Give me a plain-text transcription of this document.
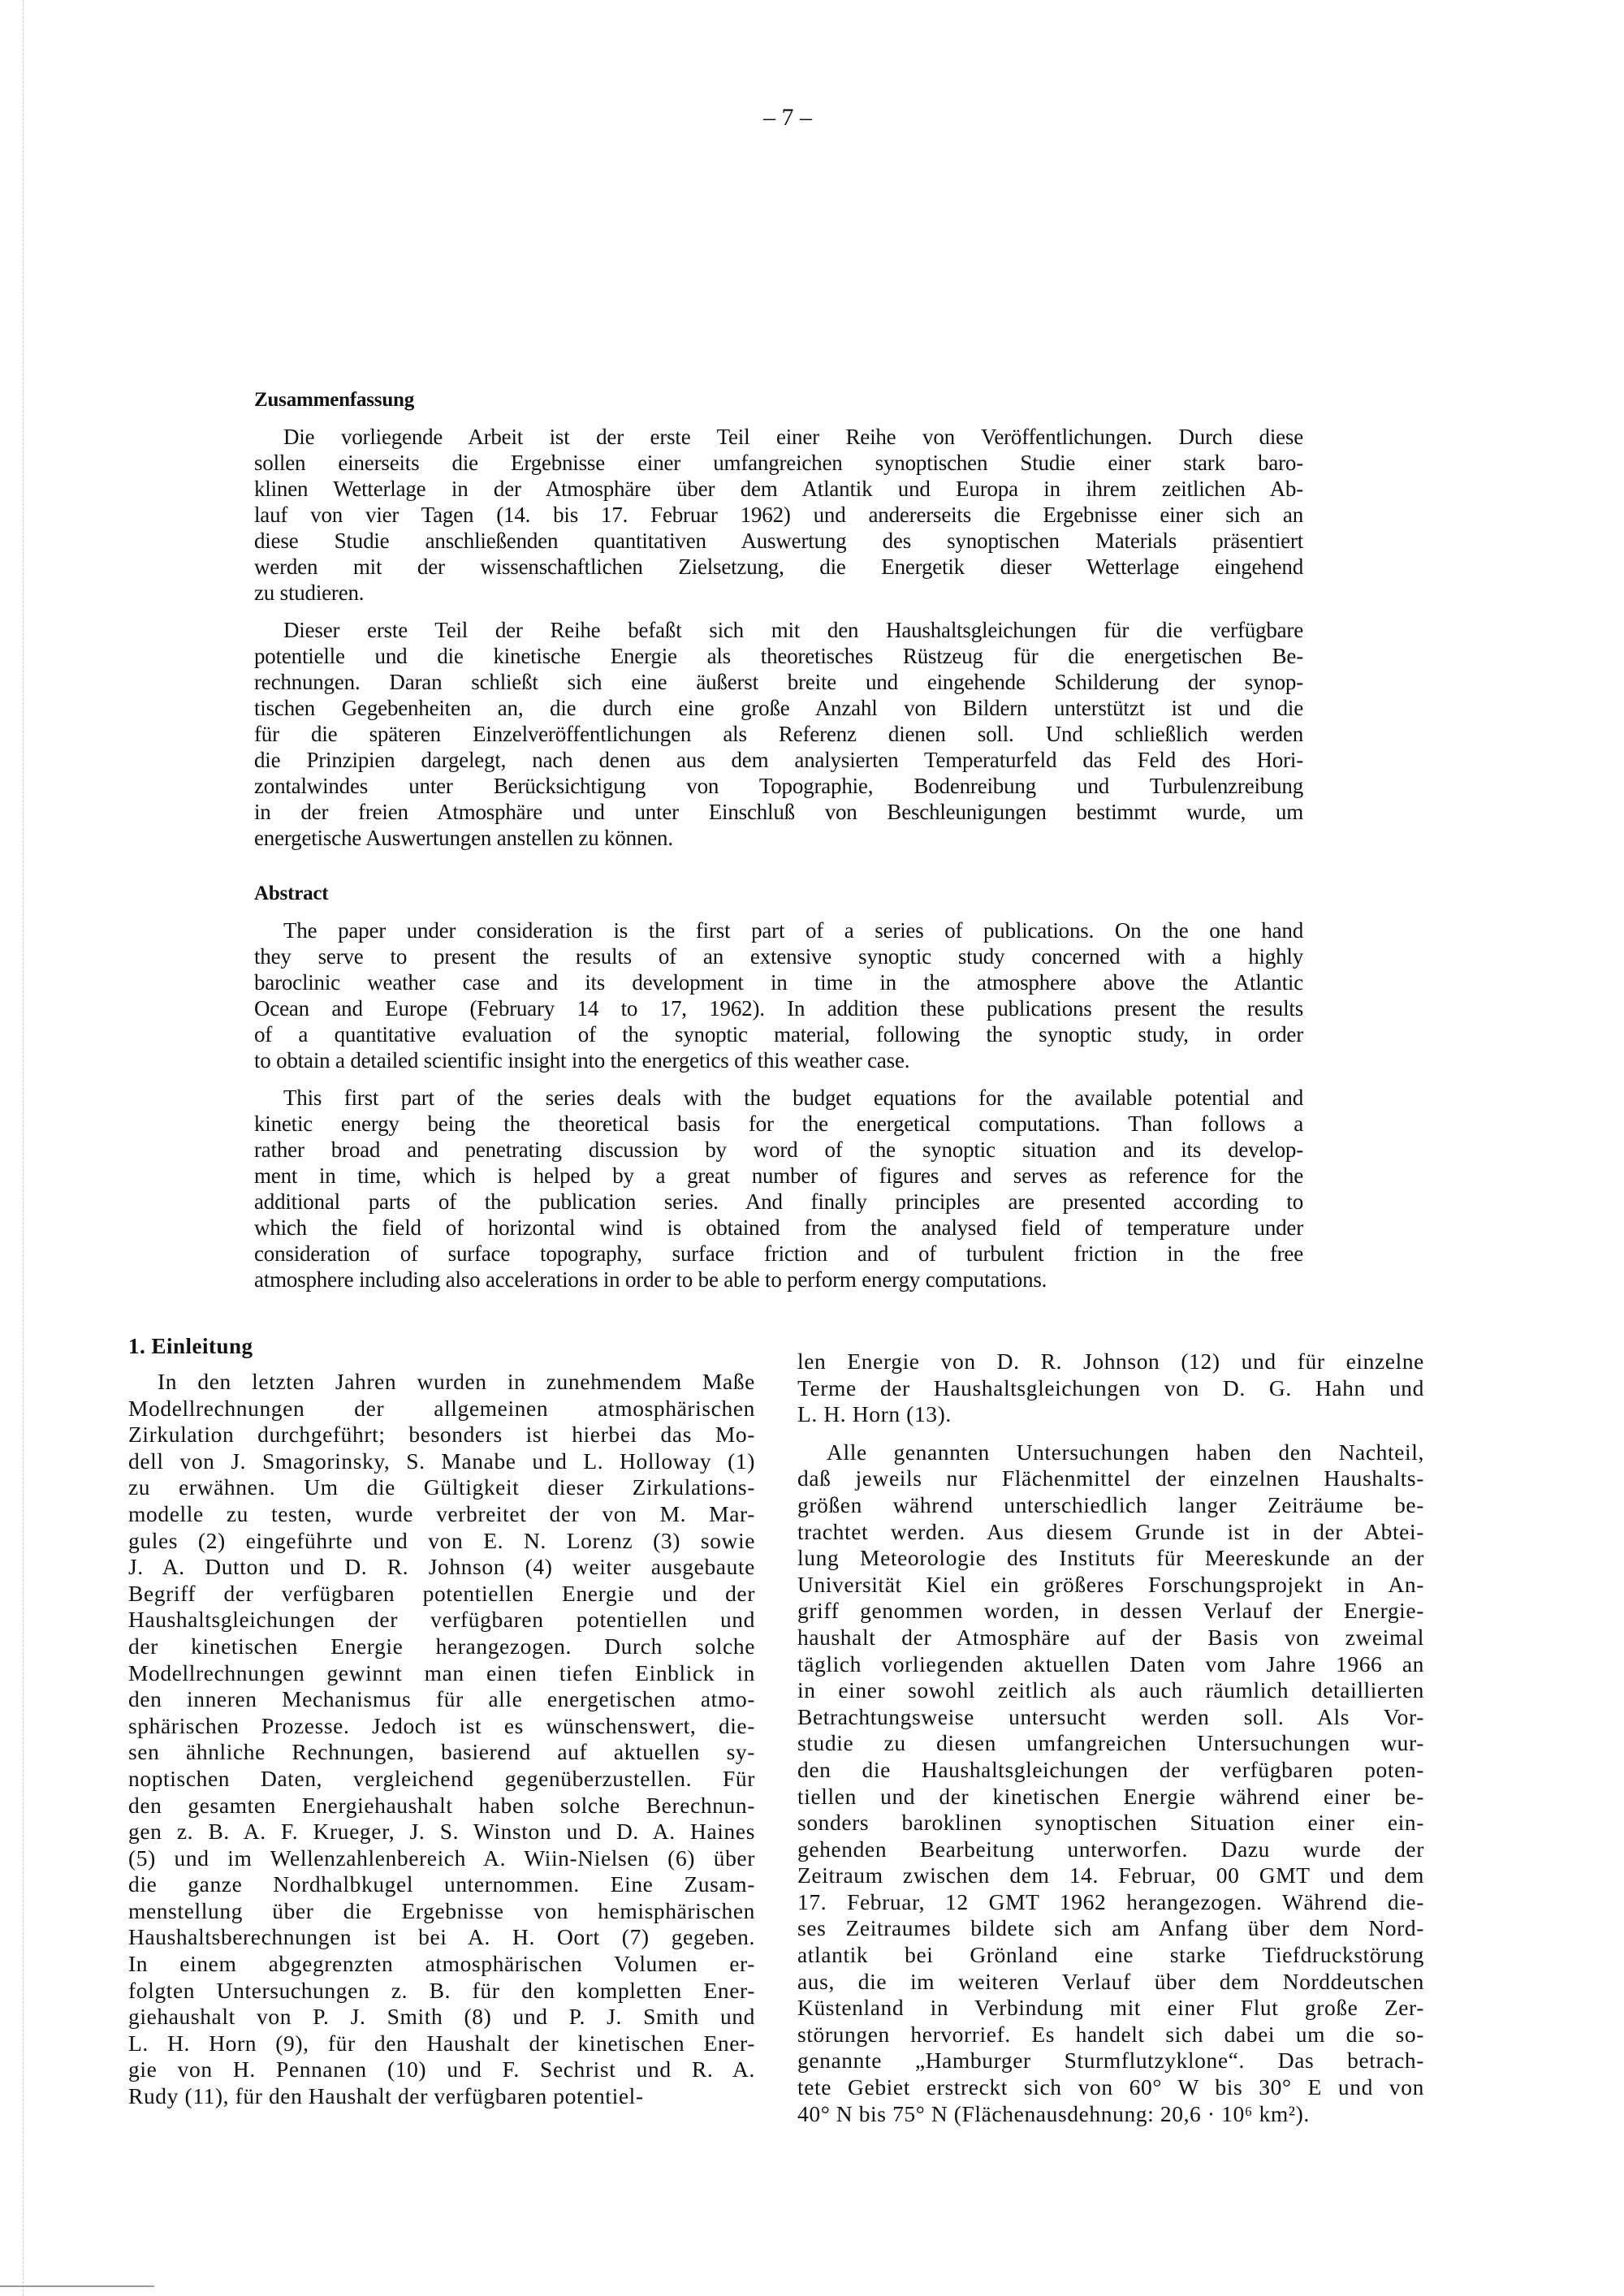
– 7 –
Zusammenfassung
Die vorliegende Arbeit ist der erste Teil einer Reihe von Veröffentlichungen. Durch diese
sollen einerseits die Ergebnisse einer umfangreichen synoptischen Studie einer stark baro-
klinen Wetterlage in der Atmosphäre über dem Atlantik und Europa in ihrem zeitlichen Ab-
lauf von vier Tagen (14. bis 17. Februar 1962) und andererseits die Ergebnisse einer sich an
diese Studie anschließenden quantitativen Auswertung des synoptischen Materials präsentiert
werden mit der wissenschaftlichen Zielsetzung, die Energetik dieser Wetterlage eingehend
zu studieren.
Dieser erste Teil der Reihe befaßt sich mit den Haushaltsgleichungen für die verfügbare
potentielle und die kinetische Energie als theoretisches Rüstzeug für die energetischen Be-
rechnungen. Daran schließt sich eine äußerst breite und eingehende Schilderung der synop-
tischen Gegebenheiten an, die durch eine große Anzahl von Bildern unterstützt ist und die
für die späteren Einzelveröffentlichungen als Referenz dienen soll. Und schließlich werden
die Prinzipien dargelegt, nach denen aus dem analysierten Temperaturfeld das Feld des Hori-
zontalwindes unter Berücksichtigung von Topographie, Bodenreibung und Turbulenzreibung
in der freien Atmosphäre und unter Einschluß von Beschleunigungen bestimmt wurde, um
energetische Auswertungen anstellen zu können.
Abstract
The paper under consideration is the first part of a series of publications. On the one hand
they serve to present the results of an extensive synoptic study concerned with a highly
baroclinic weather case and its development in time in the atmosphere above the Atlantic
Ocean and Europe (February 14 to 17, 1962). In addition these publications present the results
of a quantitative evaluation of the synoptic material, following the synoptic study, in order
to obtain a detailed scientific insight into the energetics of this weather case.
This first part of the series deals with the budget equations for the available potential and
kinetic energy being the theoretical basis for the energetical computations. Than follows a
rather broad and penetrating discussion by word of the synoptic situation and its develop-
ment in time, which is helped by a great number of figures and serves as reference for the
additional parts of the publication series. And finally principles are presented according to
which the field of horizontal wind is obtained from the analysed field of temperature under
consideration of surface topography, surface friction and of turbulent friction in the free
atmosphere including also accelerations in order to be able to perform energy computations.
1. Einleitung
In den letzten Jahren wurden in zunehmendem Maße
Modellrechnungen der allgemeinen atmosphärischen
Zirkulation durchgeführt; besonders ist hierbei das Mo-
dell von J. Smagorinsky, S. Manabe und L. Holloway (1)
zu erwähnen. Um die Gültigkeit dieser Zirkulations-
modelle zu testen, wurde verbreitet der von M. Mar-
gules (2) eingeführte und von E. N. Lorenz (3) sowie
J. A. Dutton und D. R. Johnson (4) weiter ausgebaute
Begriff der verfügbaren potentiellen Energie und der
Haushaltsgleichungen der verfügbaren potentiellen und
der kinetischen Energie herangezogen. Durch solche
Modellrechnungen gewinnt man einen tiefen Einblick in
den inneren Mechanismus für alle energetischen atmo-
sphärischen Prozesse. Jedoch ist es wünschenswert, die-
sen ähnliche Rechnungen, basierend auf aktuellen sy-
noptischen Daten, vergleichend gegenüberzustellen. Für
den gesamten Energiehaushalt haben solche Berechnun-
gen z. B. A. F. Krueger, J. S. Winston und D. A. Haines
(5) und im Wellenzahlenbereich A. Wiin-Nielsen (6) über
die ganze Nordhalbkugel unternommen. Eine Zusam-
menstellung über die Ergebnisse von hemisphärischen
Haushaltsberechnungen ist bei A. H. Oort (7) gegeben.
In einem abgegrenzten atmosphärischen Volumen er-
folgten Untersuchungen z. B. für den kompletten Ener-
giehaushalt von P. J. Smith (8) und P. J. Smith und
L. H. Horn (9), für den Haushalt der kinetischen Ener-
gie von H. Pennanen (10) und F. Sechrist und R. A.
Rudy (11), für den Haushalt der verfügbaren potentiel-
len Energie von D. R. Johnson (12) und für einzelne
Terme der Haushaltsgleichungen von D. G. Hahn und
L. H. Horn (13).
Alle genannten Untersuchungen haben den Nachteil,
daß jeweils nur Flächenmittel der einzelnen Haushalts-
größen während unterschiedlich langer Zeiträume be-
trachtet werden. Aus diesem Grunde ist in der Abtei-
lung Meteorologie des Instituts für Meereskunde an der
Universität Kiel ein größeres Forschungsprojekt in An-
griff genommen worden, in dessen Verlauf der Energie-
haushalt der Atmosphäre auf der Basis von zweimal
täglich vorliegenden aktuellen Daten vom Jahre 1966 an
in einer sowohl zeitlich als auch räumlich detaillierten
Betrachtungsweise untersucht werden soll. Als Vor-
studie zu diesen umfangreichen Untersuchungen wur-
den die Haushaltsgleichungen der verfügbaren poten-
tiellen und der kinetischen Energie während einer be-
sonders baroklinen synoptischen Situation einer ein-
gehenden Bearbeitung unterworfen. Dazu wurde der
Zeitraum zwischen dem 14. Februar, 00 GMT und dem
17. Februar, 12 GMT 1962 herangezogen. Während die-
ses Zeitraumes bildete sich am Anfang über dem Nord-
atlantik bei Grönland eine starke Tiefdruckstörung
aus, die im weiteren Verlauf über dem Norddeutschen
Küstenland in Verbindung mit einer Flut große Zer-
störungen hervorrief. Es handelt sich dabei um die so-
genannte „Hamburger Sturmflutzyklone“. Das betrach-
tete Gebiet erstreckt sich von 60° W bis 30° E und von
40° N bis 75° N (Flächenausdehnung: 20,6 · 10⁶ km²).
